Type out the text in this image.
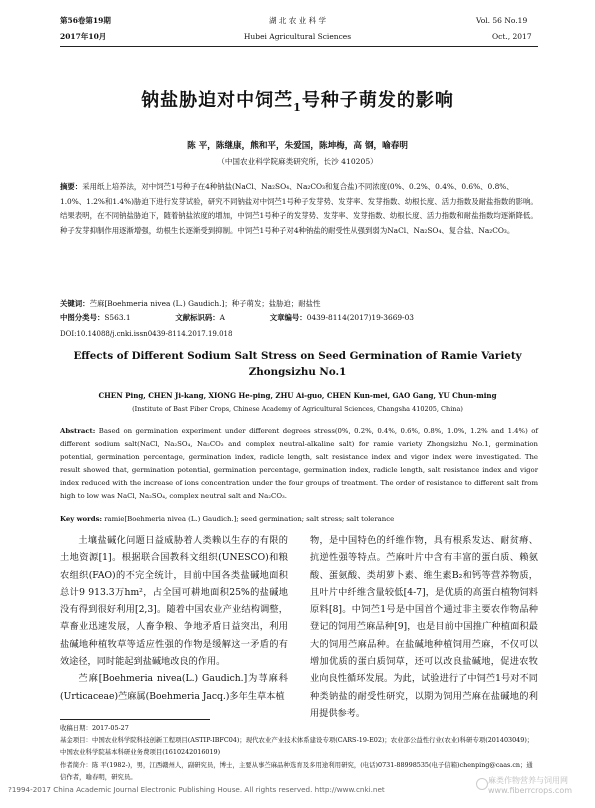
第56卷第19期
2017年10月
湖 北 农 业 科 学
Hubei Agricultural Sciences
Vol. 56 No.19
Oct., 2017
钠盐胁迫对中饲苎$_1$号种子萌发的影响
陈 平，陈继康，熊和平，朱爱国，陈坤梅，高 钢，喻春明
（中国农业科学院麻类研究所，长沙 410205）
摘要：采用纸上培养法，对中饲苎1号种子在4种钠盐(NaCl、Na₂SO₄、Na₂CO₃和复合盐)不同浓度(0%、0.2%、0.4%、0.6%、0.8%、1.0%、1.2%和1.4%)胁迫下进行发芽试验，研究不同钠盐对中饲苎1号种子发芽势、发芽率、发芽指数、幼根长度、活力指数及耐盐指数的影响。结果表明，在不同钠盐胁迫下，随着钠盐浓度的增加，中饲苎1号种子的发芽势、发芽率、发芽指数、幼根长度、活力指数和耐盐指数均逐渐降低。种子发芽抑制作用逐渐增强，幼根生长逐渐受到抑制。中饲苎1号种子对4种钠盐的耐受性从强到弱为NaCl、Na₂SO₄、复合盐、Na₂CO₃。
关键词：苎麻[Boehmeria nivea (L.) Gaudich.]；种子萌发；盐胁迫；耐盐性
中图分类号：S563.1	文献标识码：A	文章编号：0439-8114(2017)19-3669-03
DOI:10.14088/j.cnki.issn0439-8114.2017.19.018
Effects of Different Sodium Salt Stress on Seed Germination of Ramie Variety
Zhongsizhu No.1
CHEN Ping, CHEN Ji-kang, XIONG He-ping, ZHU Ai-guo, CHEN Kun-mei, GAO Gang, YU Chun-ming
(Institute of Bast Fiber Crops, Chinese Academy of Agricultural Sciences, Changsha 410205, China)
Abstract: Based on germination experiment under different degrees stress(0%, 0.2%, 0.4%, 0.6%, 0.8%, 1.0%, 1.2% and 1.4%) of different sodium salt(NaCl, Na₂SO₄, Na₂CO₃ and complex neutral-alkaline salt) for ramie variety Zhongsizhu No.1, germination potential, germination percentage, germination index, radicle length, salt resistance index and vigor index were investigated. The result showed that, germination potential, germination percentage, germination index, radicle length, salt resistance index and vigor index reduced with the increase of ions concentration under the four groups of treatment. The order of resistance to different salt from high to low was NaCl, Na₂SO₄, complex neutral salt and Na₂CO₃.
Key words: ramie[Boehmeria nivea (L.) Gaudich.]; seed germination; salt stress; salt tolerance

土壤盐碱化问题日益威胁着人类赖以生存的有限的土地资源[1]。根据联合国教科文组织(UNESCO)和粮农组织(FAO)的不完全统计，目前中国各类盐碱地面积总计9 913.3万hm²，占全国可耕地面积25%的盐碱地没有得到很好利用[2,3]。随着中国农业产业结构调整，草畜业迅速发展，人畜争粮、争地矛盾日益突出，利用盐碱地种植牧草等适应性强的作物是缓解这一矛盾的有效途径，同时能起到盐碱地改良的作用。

苎麻[Boehmeria nivea(L.) Gaudich.]为荨麻科(Urticaceae)苎麻属(Boehmeria Jacq.)多年生草本植

物，是中国特色的纤维作物，具有根系发达、耐贫瘠、抗逆性强等特点。苎麻叶片中含有丰富的蛋白质、赖氨酸、蛋氨酸、类胡萝卜素、维生素B₂和钙等营养物质，且叶片中纤维含量较低[4-7]，是优质的高蛋白植物饲料原料[8]。中饲苎1号是中国首个通过非主要农作物品种登记的饲用苎麻品种[9]，也是目前中国推广种植面积最大的饲用苎麻品种。在盐碱地种植饲用苎麻，不仅可以增加优质的蛋白质饲草，还可以改良盐碱地，促进农牧业向良性循环发展。为此，试验进行了中饲苎1号对不同种类钠盐的耐受性研究，以期为饲用苎麻在盐碱地的利用提供参考。

收稿日期：2017-05-27
基金项目：中国农业科学院科技创新工程项目(ASTIP-IBFC04)；现代农业产业技术体系建设专项(CARS-19-E02)；农业部公益性行业(农业)科研专项(201403049)；中国农业科学院基本科研业务费项目(1610242016019)
作者简介：陈 平(1982-)，男，江西赣州人，副研究员，博士，主要从事苎麻品种选育及多用途利用研究，(电话)0731-88998535(电子信箱)chenping@caas.cn；通信作者，喻春明，研究员。
?1994-2017 China Academic Journal Electronic Publishing House. All rights reserved. http://www.cnki.net
麻类作物营养与饲用网 www.fiberrcrops.com
